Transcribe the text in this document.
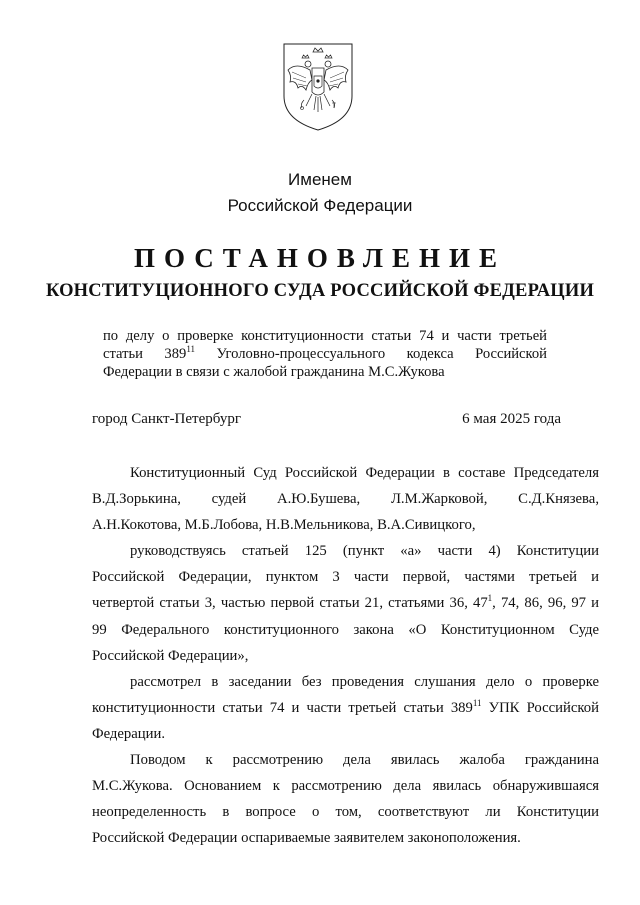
Именем
Российской Федерации
ПОСТАНОВЛЕНИЕ
КОНСТИТУЦИОННОГО СУДА РОССИЙСКОЙ ФЕДЕРАЦИИ

по делу о проверке конституционности статьи 74 и части третьей

статьи $389^{11}$ Уголовно-процессуального кодекса Российской

Федерации в связи с жалобой гражданина М.С.Жукова

город Санкт-Петербург	6 мая 2025 года

Конституционный Суд Российской Федерации в составе Председателя

В.Д.Зорькина, судей А.Ю.Бушева, Л.М.Жарковой, С.Д.Князева,

А.Н.Кокотова, М.Б.Лобова, Н.В.Мельникова, В.А.Сивицкого,

руководствуясь статьей 125 (пункт «а» части 4) Конституции

Российской Федерации, пунктом 3 части первой, частями третьей и

четвертой статьи 3, частью первой статьи 21, статьями 36, $47^1$, 74, 86, 96, 97 и

99 Федерального конституционного закона «О Конституционном Суде

Российской Федерации»,

рассмотрел в заседании без проведения слушания дело о проверке

конституционности статьи 74 и части третьей статьи $389^{11}$ УПК Российской

Федерации.

Поводом к рассмотрению дела явилась жалоба гражданина

М.С.Жукова. Основанием к рассмотрению дела явилась обнаружившаяся

неопределенность в вопросе о том, соответствуют ли Конституции

Российской Федерации оспариваемые заявителем законоположения.
